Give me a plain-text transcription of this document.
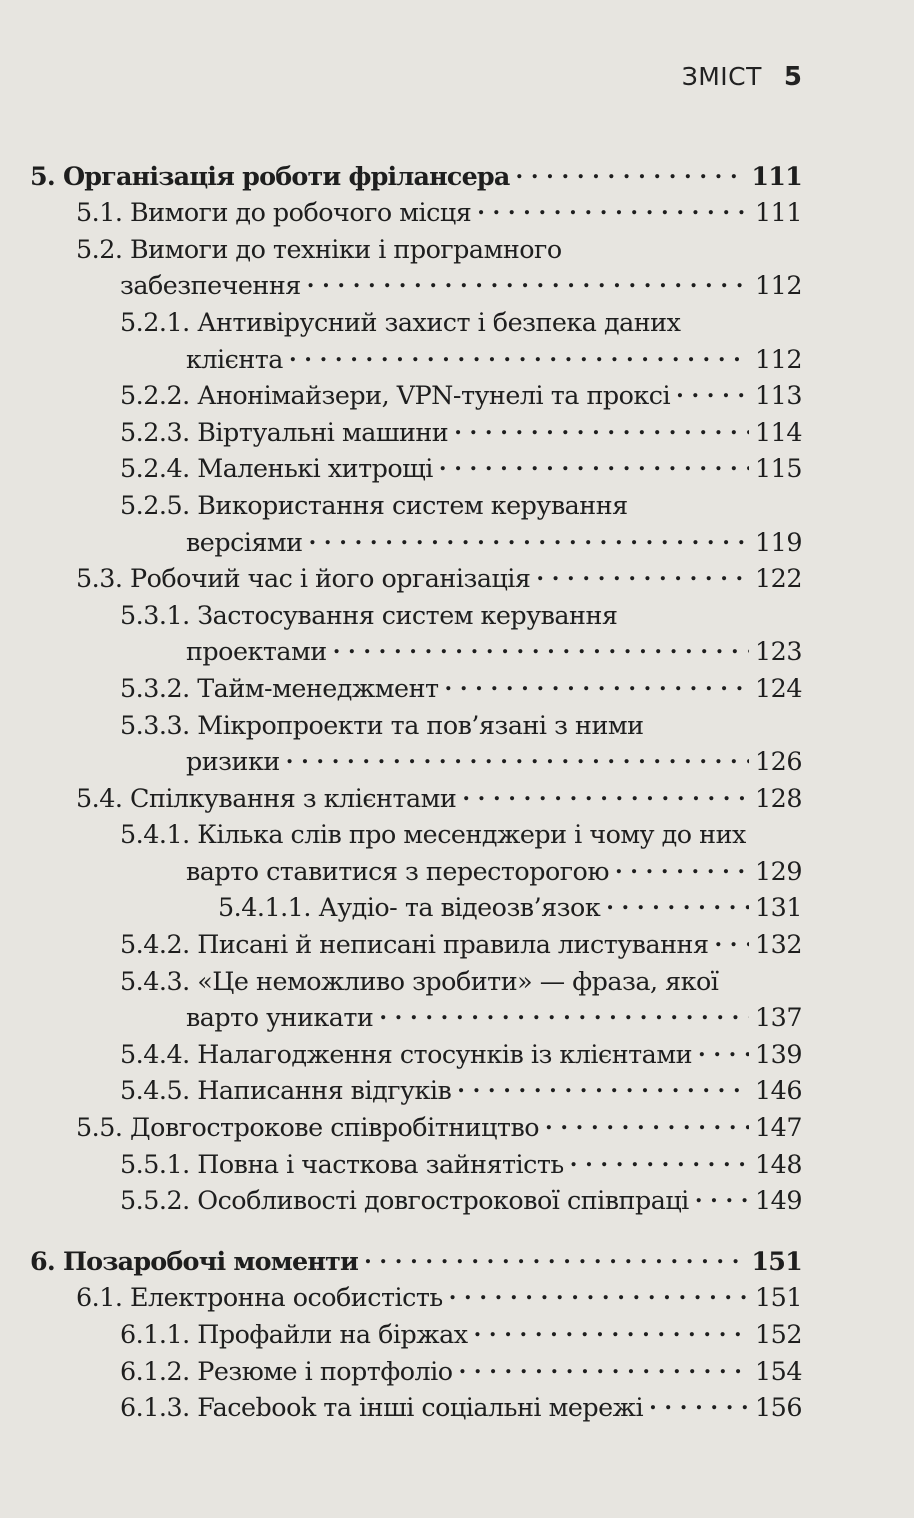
ЗМІСТ 5
5. Організація роботи фрілансера . . .	111
5.1. Вимоги до робочого місця . . .	111
5.2. Вимоги до техніки і програмного
забезпечення . . .	112
5.2.1. Антивірусний захист і безпека даних
клієнта . . .	112
5.2.2. Анонімайзери, VPN-тунелі та проксі . . .	113
5.2.3. Віртуальні машини . . .	114
5.2.4. Маленькі хитрощі . . .	115
5.2.5. Використання систем керування
версіями . . .	119
5.3. Робочий час і його організація . . .	122
5.3.1. Застосування систем керування
проектами . . .	123
5.3.2. Тайм-менеджмент . . .	124
5.3.3. Мікропроекти та пов’язані з ними
ризики . . .	126
5.4. Спілкування з клієнтами . . .	128
5.4.1. Кілька слів про месенджери і чому до них
варто ставитися з пересторогою . . .	129
5.4.1.1. Аудіо- та відеозв’язок . . .	131
5.4.2. Писані й неписані правила листування . . . 132
5.4.3. «Це неможливо зробити» — фраза, якої
варто уникати . . .	137
5.4.4. Налагодження стосунків із клієнтами . . . 139
5.4.5. Написання відгуків . . .	146
5.5. Довгострокове співробітництво . . .	147
5.5.1. Повна і часткова зайнятість . . .	148
5.5.2. Особливості довгострокової співпраці . . .	149
6. Позаробочі моменти . . .	151
6.1. Електронна особистість . . .	151
6.1.1. Профайли на біржах . . .	152
6.1.2. Резюме і портфоліо . . .	154
6.1.3. Facebook та інші соціальні мережі . . .	156
